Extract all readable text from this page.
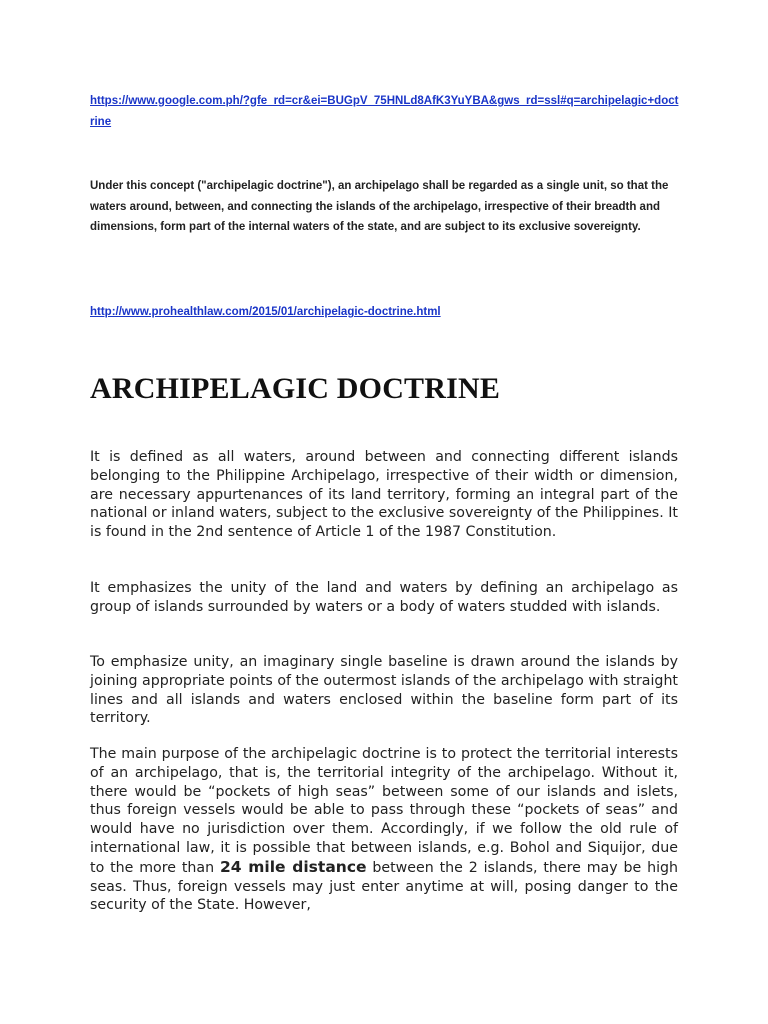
https://www.google.com.ph/?gfe_rd=cr&ei=BUGpV_75HNLd8AfK3YuYBA&gws_rd=ssl#q=archipelagic+doctrine

Under this concept ("archipelagic doctrine"), an archipelago shall be regarded as a single unit, so that the waters around, between, and connecting the islands of the archipelago, irrespective of their breadth and dimensions, form part of the internal waters of the state, and are subject to its exclusive sovereignty.

http://www.prohealthlaw.com/2015/01/archipelagic-doctrine.html
ARCHIPELAGIC DOCTRINE

It is defined as all waters, around between and connecting different islands belonging to the Philippine Archipelago, irrespective of their width or dimension, are necessary appurtenances of its land territory, forming an integral part of the national or inland waters, subject to the exclusive sovereignty of the Philippines. It is found in the 2nd sentence of Article 1 of the 1987 Constitution.

It emphasizes the unity of the land and waters by defining an archipelago as group of islands surrounded by waters or a body of waters studded with islands.

To emphasize unity, an imaginary single baseline is drawn around the islands by joining appropriate points of the outermost islands of the archipelago with straight lines and all islands and waters enclosed within the baseline form part of its territory.

The main purpose of the archipelagic doctrine is to protect the territorial interests of an archipelago, that is, the territorial integrity of the archipelago. Without it, there would be “pockets of high seas” between some of our islands and islets, thus foreign vessels would be able to pass through these “pockets of seas” and would have no jurisdiction over them. Accordingly, if we follow the old rule of international law, it is possible that between islands, e.g. Bohol and Siquijor, due to the more than 24 mile distance between the 2 islands, there may be high seas. Thus, foreign vessels may just enter anytime at will, posing danger to the security of the State. However,
